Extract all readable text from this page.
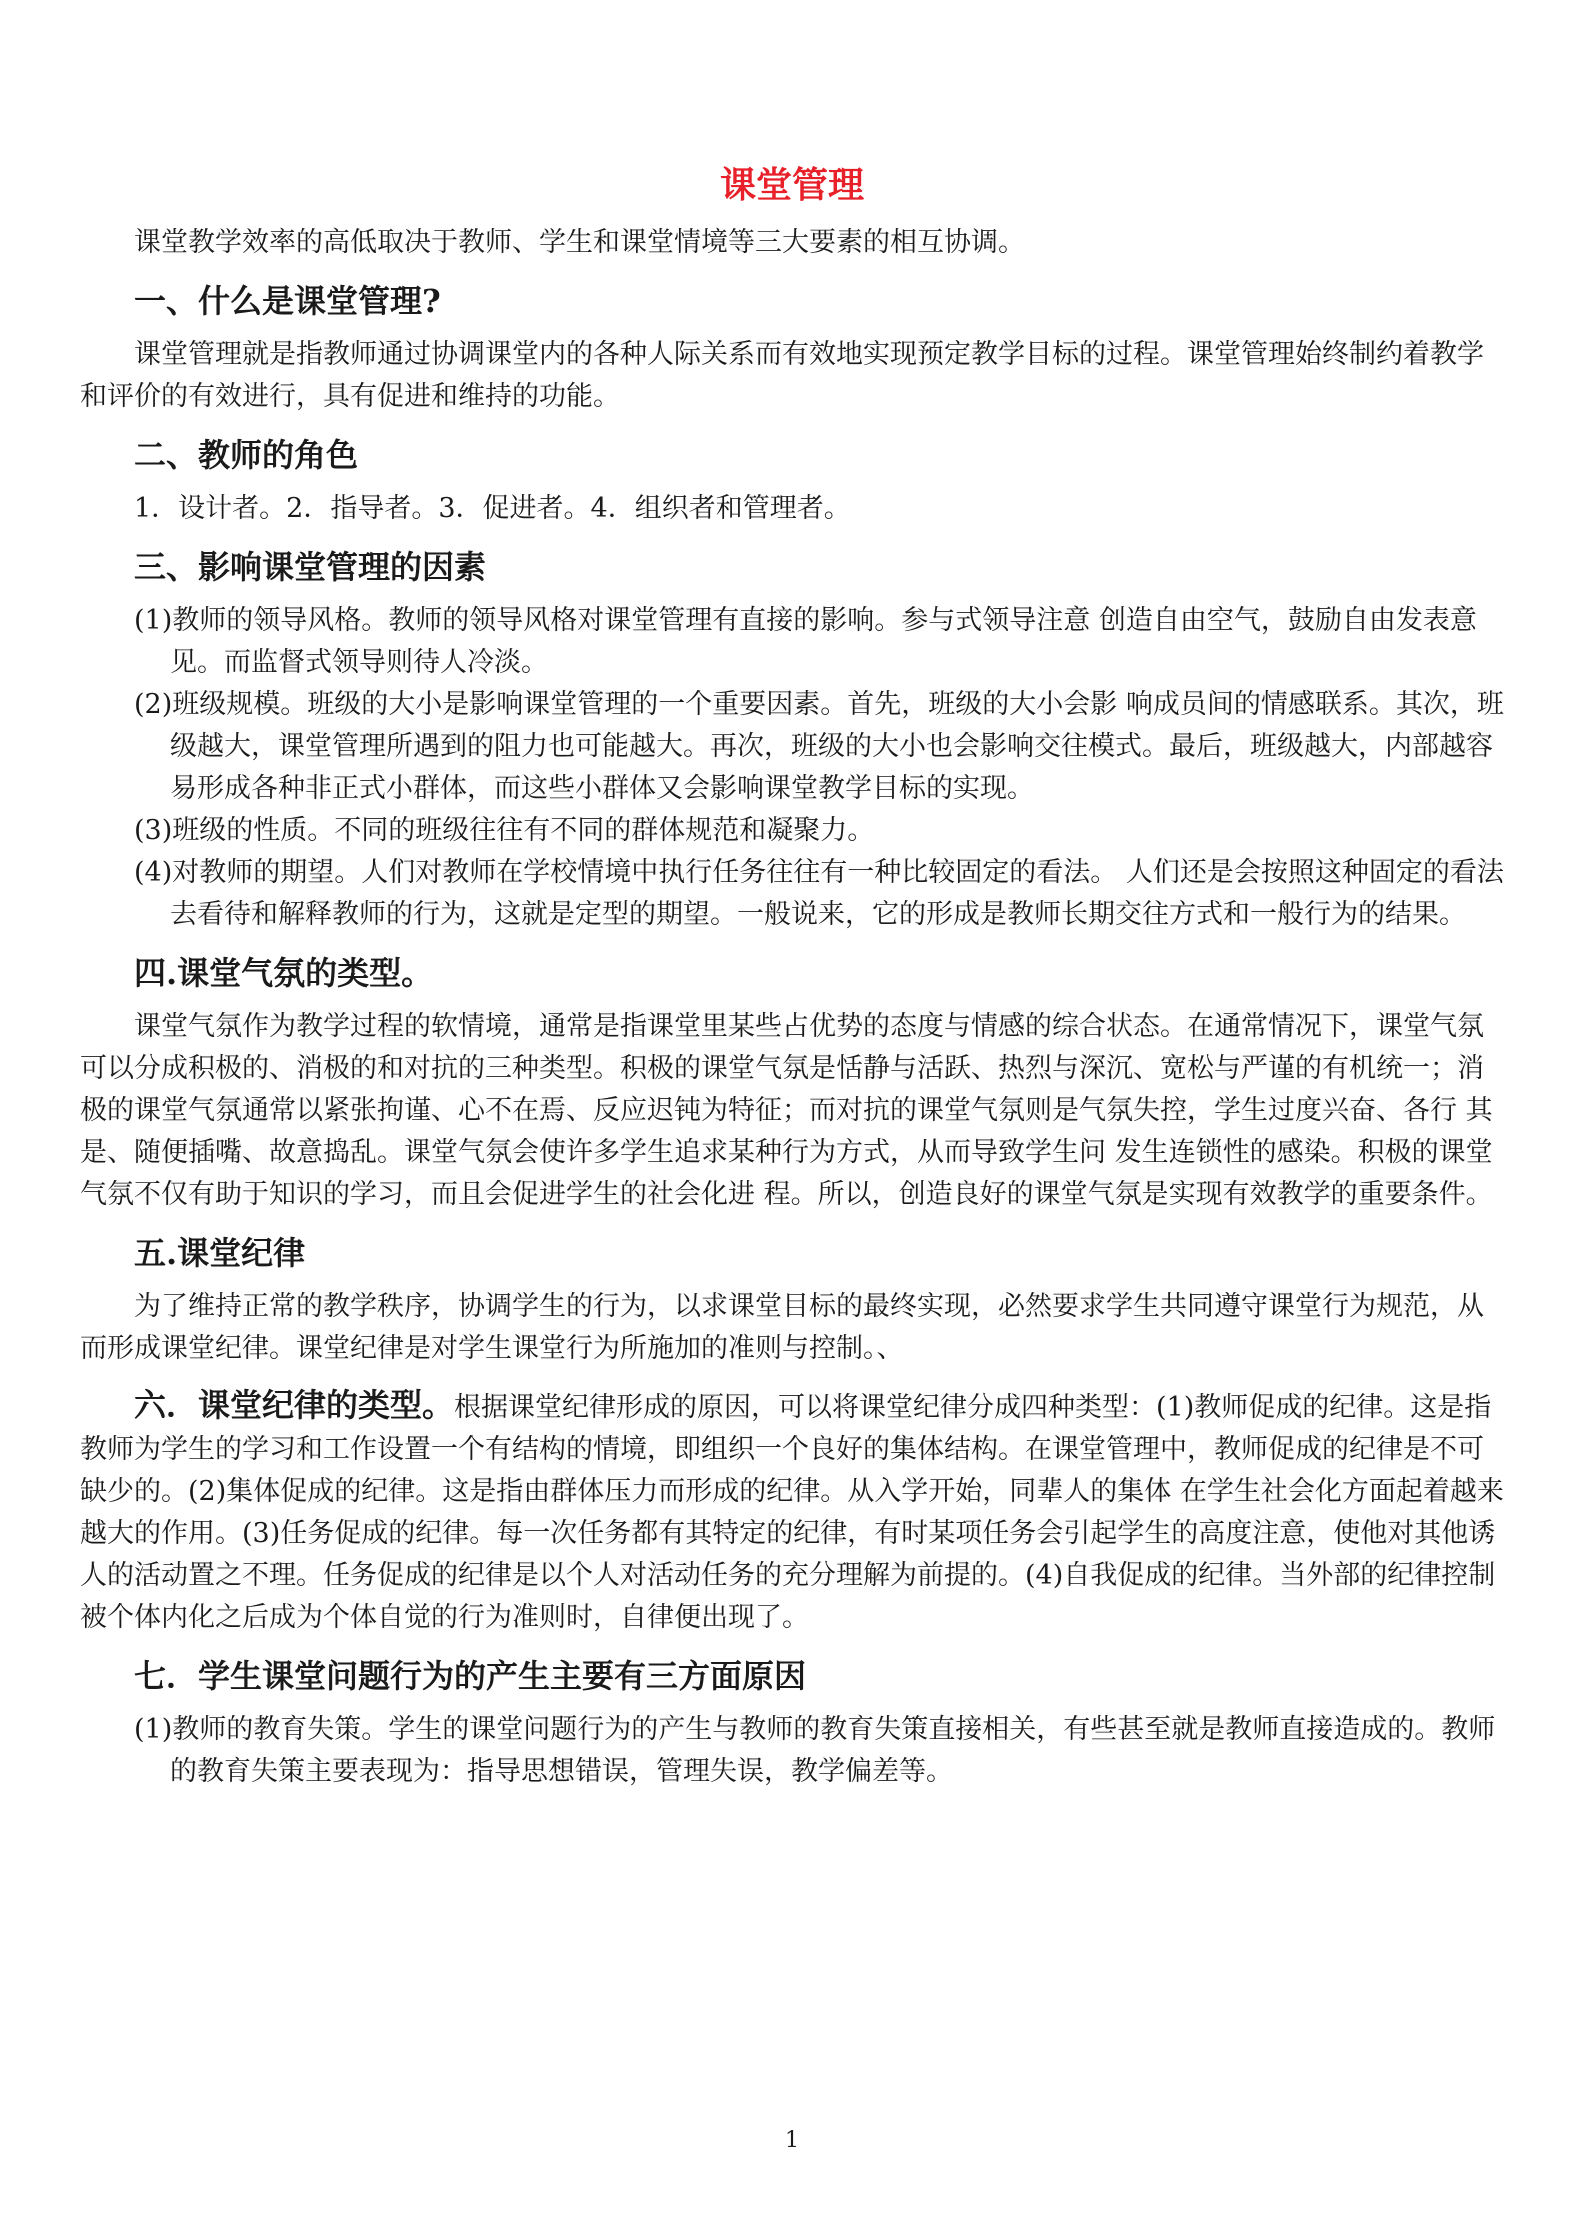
课堂管理

课堂教学效率的高低取决于教师、学生和课堂情境等三大要素的相互协调。

一、什么是课堂管理?

课堂管理就是指教师通过协调课堂内的各种人际关系而有效地实现预定教学目标的过程。课堂管理始终制约着教学和评价的有效进行，具有促进和维持的功能。

二、教师的角色

1．设计者。2．指导者。3．促进者。4．组织者和管理者。

三、影响课堂管理的因素

(1)教师的领导风格。教师的领导风格对课堂管理有直接的影响。参与式领导注意 创造自由空气，鼓励自由发表意见。而监督式领导则待人冷淡。

(2)班级规模。班级的大小是影响课堂管理的一个重要因素。首先，班级的大小会影 响成员间的情感联系。其次，班级越大，课堂管理所遇到的阻力也可能越大。再次，班级的大小也会影响交往模式。最后，班级越大，内部越容易形成各种非正式小群体，而这些小群体又会影响课堂教学目标的实现。

(3)班级的性质。不同的班级往往有不同的群体规范和凝聚力。

(4)对教师的期望。人们对教师在学校情境中执行任务往往有一种比较固定的看法。 人们还是会按照这种固定的看法去看待和解释教师的行为，这就是定型的期望。一般说来，它的形成是教师长期交往方式和一般行为的结果。

四.课堂气氛的类型。

课堂气氛作为教学过程的软情境，通常是指课堂里某些占优势的态度与情感的综合状态。在通常情况下，课堂气氛可以分成积极的、消极的和对抗的三种类型。积极的课堂气氛是恬静与活跃、热烈与深沉、宽松与严谨的有机统一；消极的课堂气氛通常以紧张拘谨、心不在焉、反应迟钝为特征；而对抗的课堂气氛则是气氛失控，学生过度兴奋、各行 其是、随便插嘴、故意捣乱。课堂气氛会使许多学生追求某种行为方式，从而导致学生问 发生连锁性的感染。积极的课堂气氛不仅有助于知识的学习，而且会促进学生的社会化进 程。所以，创造良好的课堂气氛是实现有效教学的重要条件。

五.课堂纪律

为了维持正常的教学秩序，协调学生的行为，以求课堂目标的最终实现，必然要求学生共同遵守课堂行为规范，从而形成课堂纪律。课堂纪律是对学生课堂行为所施加的准则与控制。、

六．课堂纪律的类型。根据课堂纪律形成的原因，可以将课堂纪律分成四种类型：(1)教师促成的纪律。这是指教师为学生的学习和工作设置一个有结构的情境，即组织一个良好的集体结构。在课堂管理中，教师促成的纪律是不可缺少的。(2)集体促成的纪律。这是指由群体压力而形成的纪律。从入学开始，同辈人的集体 在学生社会化方面起着越来越大的作用。(3)任务促成的纪律。每一次任务都有其特定的纪律，有时某项任务会引起学生的高度注意，使他对其他诱人的活动置之不理。任务促成的纪律是以个人对活动任务的充分理解为前提的。(4)自我促成的纪律。当外部的纪律控制被个体内化之后成为个体自觉的行为准则时，自律便出现了。

七．学生课堂问题行为的产生主要有三方面原因

(1)教师的教育失策。学生的课堂问题行为的产生与教师的教育失策直接相关，有些甚至就是教师直接造成的。教师的教育失策主要表现为：指导思想错误，管理失误，教学偏差等。

1
